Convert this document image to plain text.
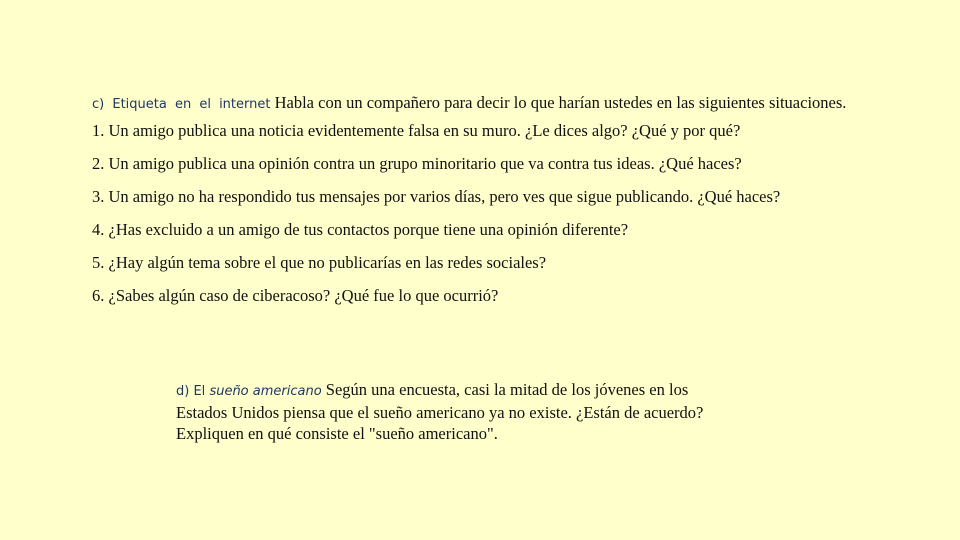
c) Etiqueta en el internet Habla con un compañero para decir lo que harían ustedes en las siguientes situaciones.
1. Un amigo publica una noticia evidentemente falsa en su muro. ¿Le dices algo? ¿Qué y por qué?
2. Un amigo publica una opinión contra un grupo minoritario que va contra tus ideas. ¿Qué haces?
3. Un amigo no ha respondido tus mensajes por varios días, pero ves que sigue publicando. ¿Qué haces?
4. ¿Has excluido a un amigo de tus contactos porque tiene una opinión diferente?
5. ¿Hay algún tema sobre el que no publicarías en las redes sociales?
6. ¿Sabes algún caso de ciberacoso? ¿Qué fue lo que ocurrió?
d) El sueño americano Según una encuesta, casi la mitad de los jóvenes en los Estados Unidos piensa que el sueño americano ya no existe. ¿Están de acuerdo? Expliquen en qué consiste el "sueño americano".
